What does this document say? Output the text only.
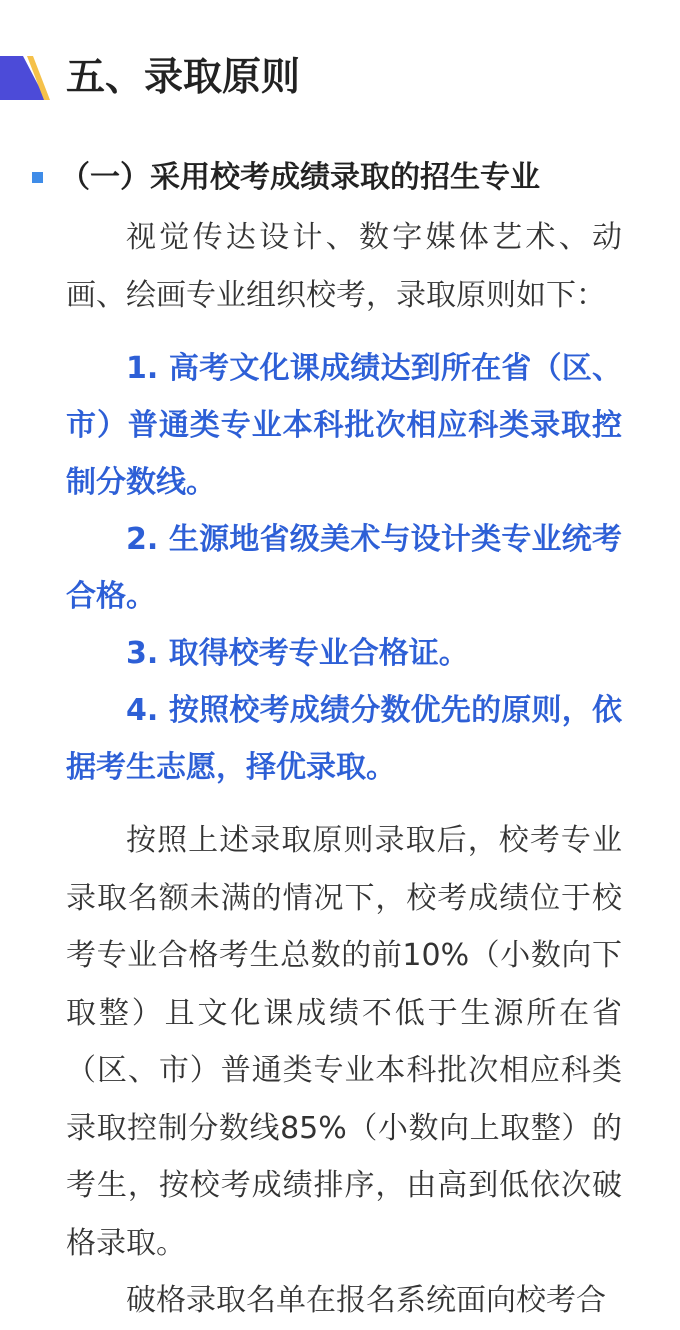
五、录取原则
（一）采用校考成绩录取的招生专业

视觉传达设计、数字媒体艺术、动画、绘画专业组织校考，录取原则如下：

1. 高考文化课成绩达到所在省（区、市）普通类专业本科批次相应科类录取控制分数线。

2. 生源地省级美术与设计类专业统考合格。

3. 取得校考专业合格证。

4. 按照校考成绩分数优先的原则，依据考生志愿，择优录取。

按照上述录取原则录取后，校考专业录取名额未满的情况下，校考成绩位于校考专业合格考生总数的前10%（小数向下取整）且文化课成绩不低于生源所在省（区、市）普通类专业本科批次相应科类录取控制分数线85%（小数向上取整）的考生，按校考成绩排序，由高到低依次破格录取。

破格录取名单在报名系统面向校考合
